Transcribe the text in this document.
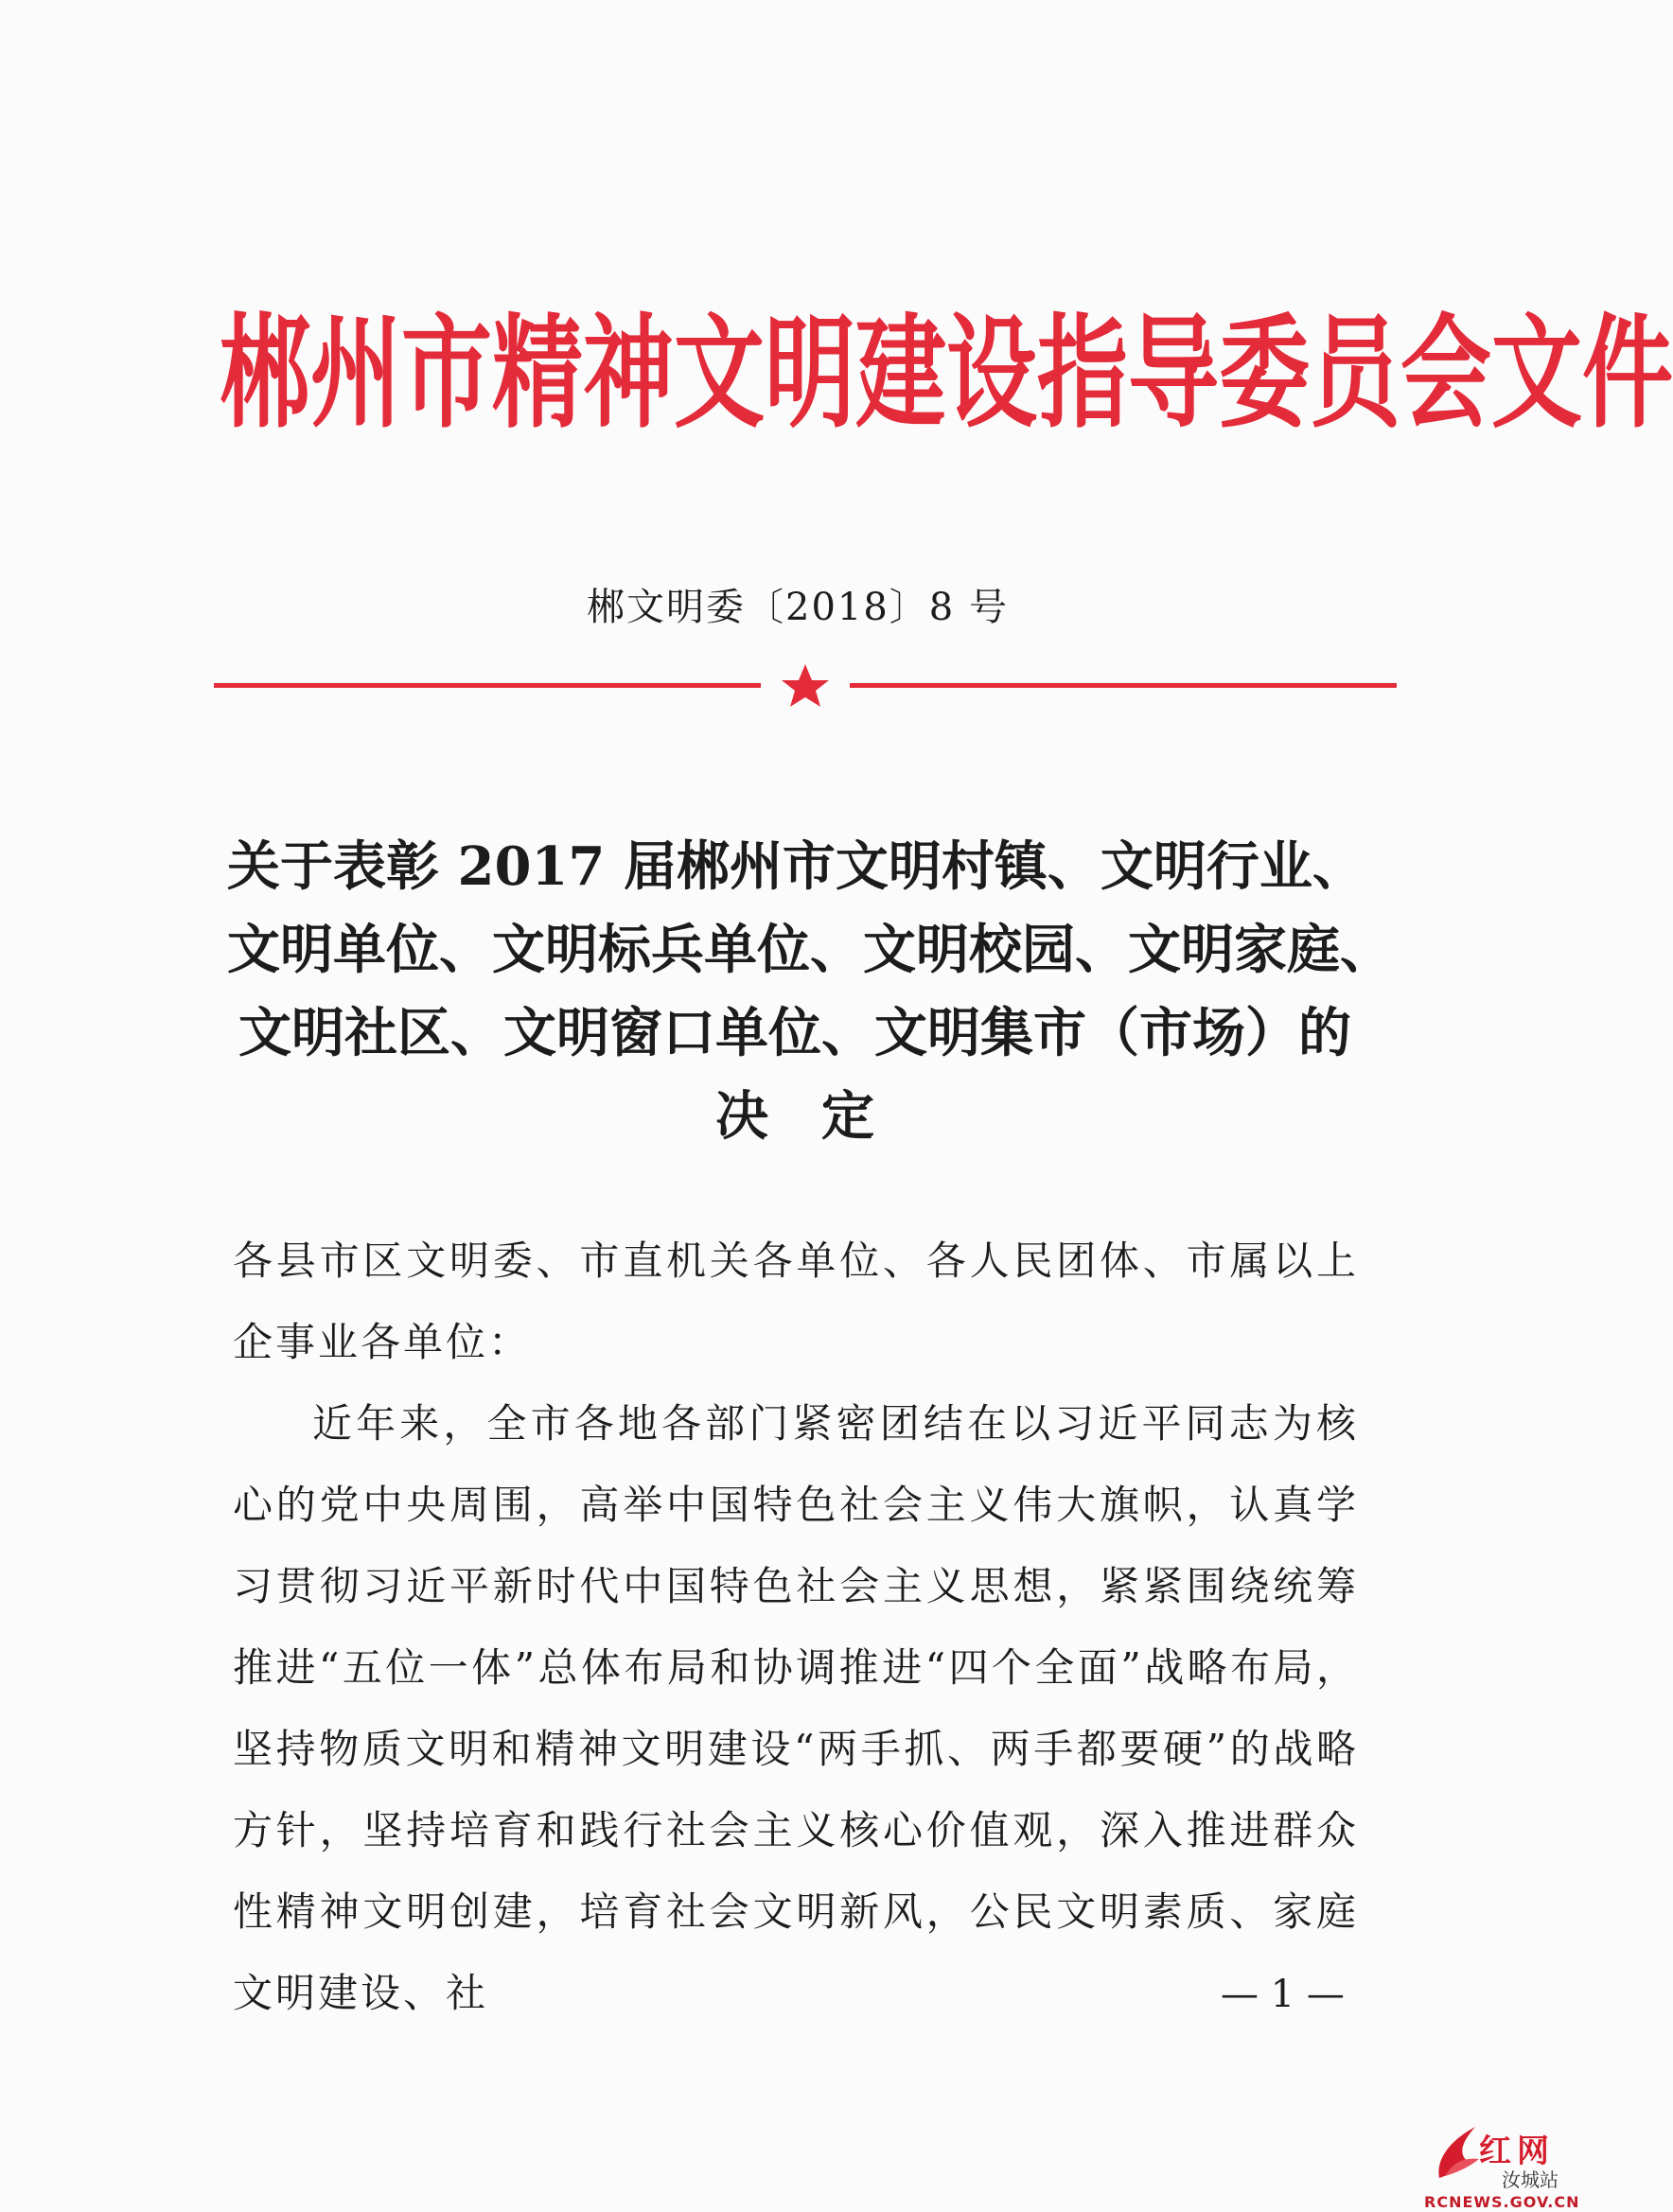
郴州市精神文明建设指导委员会文件
郴文明委〔2018〕8 号
关于表彰 2017 届郴州市文明村镇、文明行业、
文明单位、文明标兵单位、文明校园、文明家庭、
文明社区、文明窗口单位、文明集市（市场）的
决　定

各县市区文明委、市直机关各单位、各人民团体、市属以上企事业各单位：

近年来，全市各地各部门紧密团结在以习近平同志为核心的党中央周围，高举中国特色社会主义伟大旗帜，认真学习贯彻习近平新时代中国特色社会主义思想，紧紧围绕统筹推进“五位一体”总体布局和协调推进“四个全面”战略布局，坚持物质文明和精神文明建设“两手抓、两手都要硬”的战略方针，坚持培育和践行社会主义核心价值观，深入推进群众性精神文明创建，培育社会文明新风，公民文明素质、家庭文明建设、社	— 1 —
红网
汝城站
RCNEWS.GOV.CN
